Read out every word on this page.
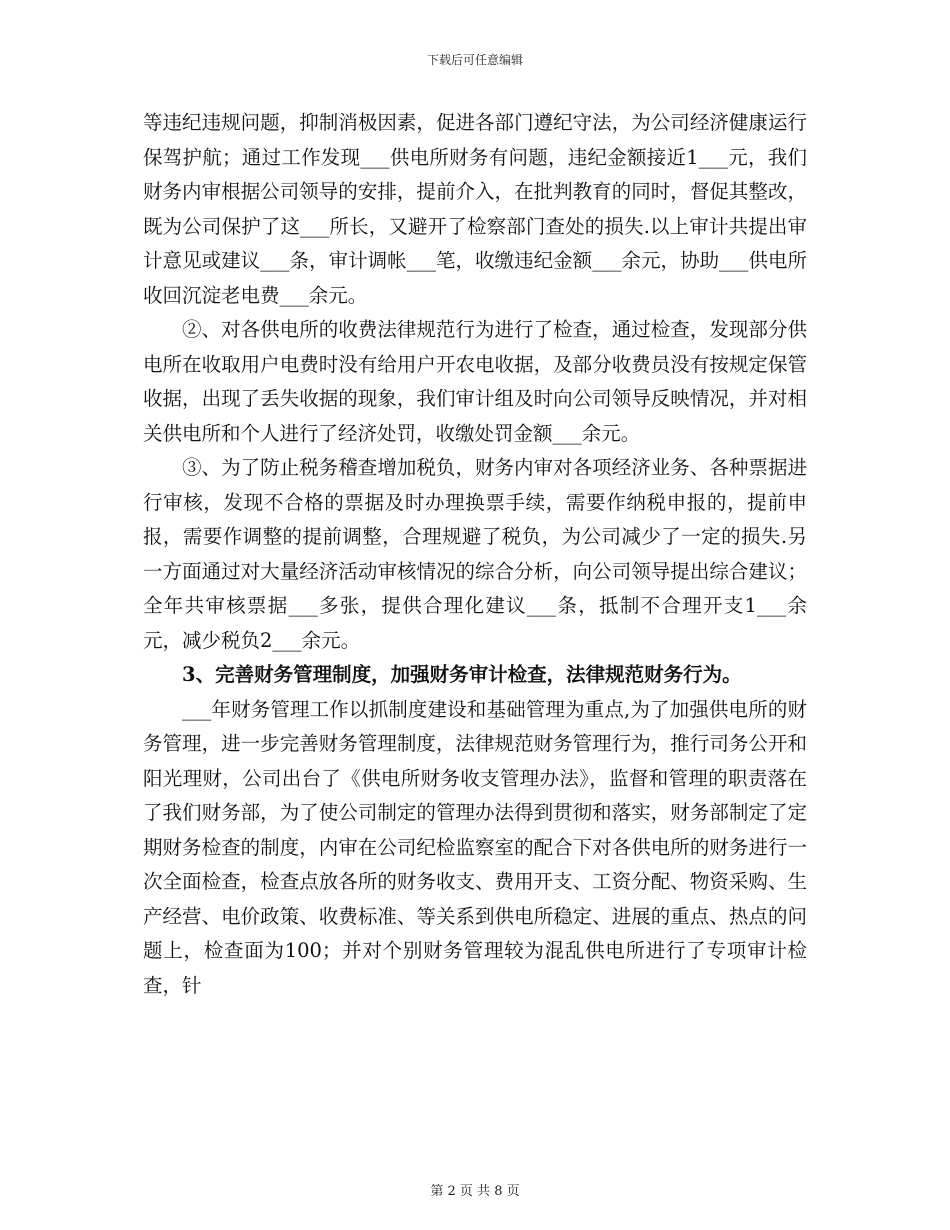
下载后可任意编辑

等违纪违规问题，抑制消极因素，促进各部门遵纪守法，为公司经济健康运行保驾护航；通过工作发现___供电所财务有问题，违纪金额接近1___元，我们财务内审根据公司领导的安排，提前介入，在批判教育的同时，督促其整改，既为公司保护了这___所长，又避开了检察部门查处的损失.以上审计共提出审计意见或建议___条，审计调帐___笔，收缴违纪金额___余元，协助___供电所收回沉淀老电费___余元。

②、对各供电所的收费法律规范行为进行了检查，通过检查，发现部分供电所在收取用户电费时没有给用户开农电收据，及部分收费员没有按规定保管收据，出现了丢失收据的现象，我们审计组及时向公司领导反映情况，并对相关供电所和个人进行了经济处罚，收缴处罚金额___余元。

③、为了防止税务稽查增加税负，财务内审对各项经济业务、各种票据进行审核，发现不合格的票据及时办理换票手续，需要作纳税申报的，提前申报，需要作调整的提前调整，合理规避了税负，为公司减少了一定的损失.另一方面通过对大量经济活动审核情况的综合分析，向公司领导提出综合建议；全年共审核票据___多张，提供合理化建议___条，抵制不合理开支1___余元，减少税负2___余元。

3、完善财务管理制度，加强财务审计检查，法律规范财务行为。

___年财务管理工作以抓制度建设和基础管理为重点,为了加强供电所的财务管理，进一步完善财务管理制度，法律规范财务管理行为，推行司务公开和阳光理财，公司出台了《供电所财务收支管理办法》，监督和管理的职责落在了我们财务部，为了使公司制定的管理办法得到贯彻和落实，财务部制定了定期财务检查的制度，内审在公司纪检监察室的配合下对各供电所的财务进行一次全面检查，检查点放各所的财务收支、费用开支、工资分配、物资采购、生产经营、电价政策、收费标准、等关系到供电所稳定、进展的重点、热点的问题上，检查面为100；并对个别财务管理较为混乱供电所进行了专项审计检查，针

第 2 页 共 8 页
